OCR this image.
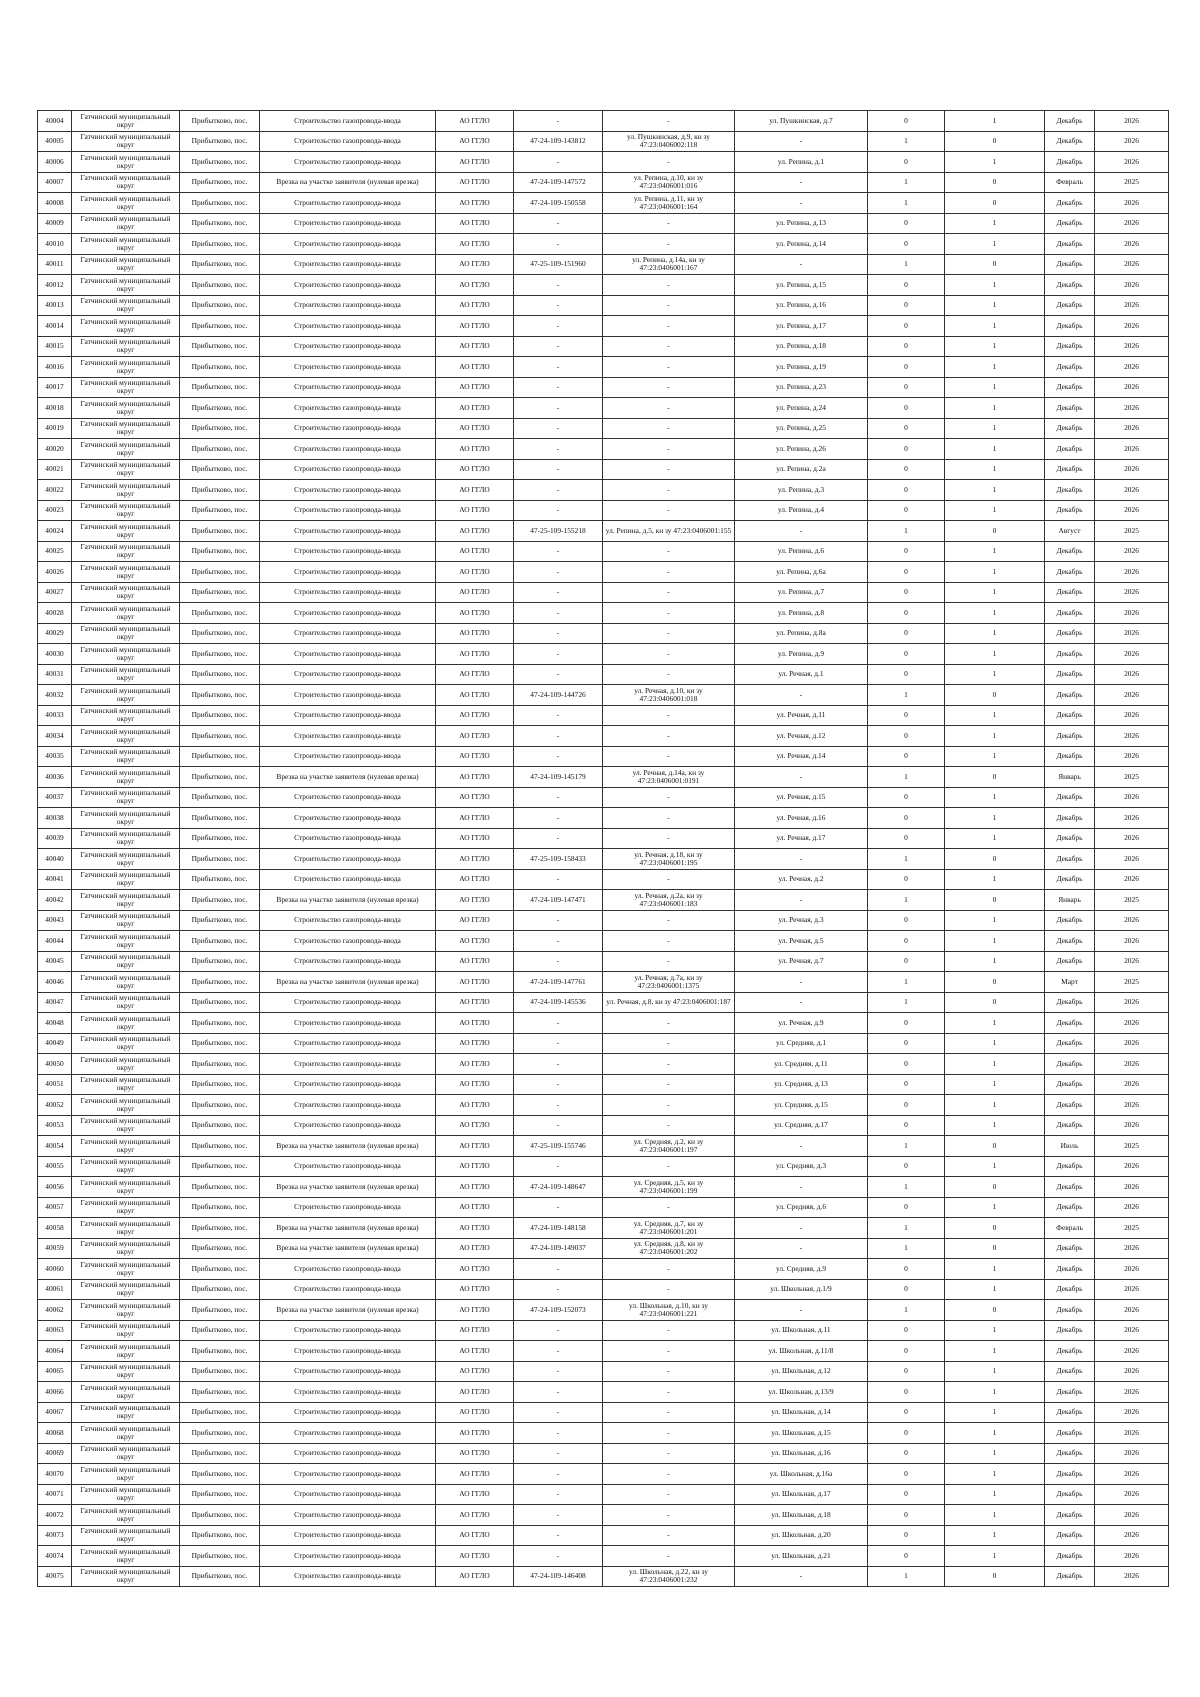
40004	Гатчинский муниципальный округ	Прибытково, пос.	Строительство газопровода-ввода	АО ГГЛО	-	-	ул. Пушкинская, д.7	0	1	Декабрь	2026
40005	Гатчинский муниципальный округ	Прибытково, пос.	Строительство газопровода-ввода	АО ГГЛО	47-24-109-143812	ул. Пушкинская, д.9, кн зу 47:23:0406002:118	-	1	0	Декабрь	2026
40006	Гатчинский муниципальный округ	Прибытково, пос.	Строительство газопровода-ввода	АО ГГЛО	-	-	ул. Репина, д.1	0	1	Декабрь	2026
40007	Гатчинский муниципальный округ	Прибытково, пос.	Врезка на участке заявителя (нулевая врезка)	АО ГГЛО	47-24-109-147572	ул. Репина, д.10, кн зу 47:23:0406001:016	-	1	0	Февраль	2025
40008	Гатчинский муниципальный округ	Прибытково, пос.	Строительство газопровода-ввода	АО ГГЛО	47-24-109-150558	ул. Репина, д.11, кн зу 47:23:0406001:164	-	1	0	Декабрь	2026
40009	Гатчинский муниципальный округ	Прибытково, пос.	Строительство газопровода-ввода	АО ГГЛО	-	-	ул. Репина, д.13	0	1	Декабрь	2026
40010	Гатчинский муниципальный округ	Прибытково, пос.	Строительство газопровода-ввода	АО ГГЛО	-	-	ул. Репина, д.14	0	1	Декабрь	2026
40011	Гатчинский муниципальный округ	Прибытково, пос.	Строительство газопровода-ввода	АО ГГЛО	47-25-109-151960	ул. Репина, д.14а, кн зу 47:23:0406001:167	-	1	0	Декабрь	2026
40012	Гатчинский муниципальный округ	Прибытково, пос.	Строительство газопровода-ввода	АО ГГЛО	-	-	ул. Репина, д.15	0	1	Декабрь	2026
40013	Гатчинский муниципальный округ	Прибытково, пос.	Строительство газопровода-ввода	АО ГГЛО	-	-	ул. Репина, д.16	0	1	Декабрь	2026
40014	Гатчинский муниципальный округ	Прибытково, пос.	Строительство газопровода-ввода	АО ГГЛО	-	-	ул. Репина, д.17	0	1	Декабрь	2026
40015	Гатчинский муниципальный округ	Прибытково, пос.	Строительство газопровода-ввода	АО ГГЛО	-	-	ул. Репина, д.18	0	1	Декабрь	2026
40016	Гатчинский муниципальный округ	Прибытково, пос.	Строительство газопровода-ввода	АО ГГЛО	-	-	ул. Репина, д.19	0	1	Декабрь	2026
40017	Гатчинский муниципальный округ	Прибытково, пос.	Строительство газопровода-ввода	АО ГГЛО	-	-	ул. Репина, д.23	0	1	Декабрь	2026
40018	Гатчинский муниципальный округ	Прибытково, пос.	Строительство газопровода-ввода	АО ГГЛО	-	-	ул. Репина, д.24	0	1	Декабрь	2026
40019	Гатчинский муниципальный округ	Прибытково, пос.	Строительство газопровода-ввода	АО ГГЛО	-	-	ул. Репина, д.25	0	1	Декабрь	2026
40020	Гатчинский муниципальный округ	Прибытково, пос.	Строительство газопровода-ввода	АО ГГЛО	-	-	ул. Репина, д.26	0	1	Декабрь	2026
40021	Гатчинский муниципальный округ	Прибытково, пос.	Строительство газопровода-ввода	АО ГГЛО	-	-	ул. Репина, д.2а	0	1	Декабрь	2026
40022	Гатчинский муниципальный округ	Прибытково, пос.	Строительство газопровода-ввода	АО ГГЛО	-	-	ул. Репина, д.3	0	1	Декабрь	2026
40023	Гатчинский муниципальный округ	Прибытково, пос.	Строительство газопровода-ввода	АО ГГЛО	-	-	ул. Репина, д.4	0	1	Декабрь	2026
40024	Гатчинский муниципальный округ	Прибытково, пос.	Строительство газопровода-ввода	АО ГГЛО	47-25-109-155218	ул. Репина, д.5, кн зу 47:23:0406001:155	-	1	0	Август	2025
40025	Гатчинский муниципальный округ	Прибытково, пос.	Строительство газопровода-ввода	АО ГГЛО	-	-	ул. Репина, д.6	0	1	Декабрь	2026
40026	Гатчинский муниципальный округ	Прибытково, пос.	Строительство газопровода-ввода	АО ГГЛО	-	-	ул. Репина, д.6а	0	1	Декабрь	2026
40027	Гатчинский муниципальный округ	Прибытково, пос.	Строительство газопровода-ввода	АО ГГЛО	-	-	ул. Репина, д.7	0	1	Декабрь	2026
40028	Гатчинский муниципальный округ	Прибытково, пос.	Строительство газопровода-ввода	АО ГГЛО	-	-	ул. Репина, д.8	0	1	Декабрь	2026
40029	Гатчинский муниципальный округ	Прибытково, пос.	Строительство газопровода-ввода	АО ГГЛО	-	-	ул. Репина, д.8а	0	1	Декабрь	2026
40030	Гатчинский муниципальный округ	Прибытково, пос.	Строительство газопровода-ввода	АО ГГЛО	-	-	ул. Репина, д.9	0	1	Декабрь	2026
40031	Гатчинский муниципальный округ	Прибытково, пос.	Строительство газопровода-ввода	АО ГГЛО	-	-	ул. Речная, д.1	0	1	Декабрь	2026
40032	Гатчинский муниципальный округ	Прибытково, пос.	Строительство газопровода-ввода	АО ГГЛО	47-24-109-144726	ул. Речная, д.10, кн зу 47:23:0406001:018	-	1	0	Декабрь	2026
40033	Гатчинский муниципальный округ	Прибытково, пос.	Строительство газопровода-ввода	АО ГГЛО	-	-	ул. Речная, д.11	0	1	Декабрь	2026
40034	Гатчинский муниципальный округ	Прибытково, пос.	Строительство газопровода-ввода	АО ГГЛО	-	-	ул. Речная, д.12	0	1	Декабрь	2026
40035	Гатчинский муниципальный округ	Прибытково, пос.	Строительство газопровода-ввода	АО ГГЛО	-	-	ул. Речная, д.14	0	1	Декабрь	2026
40036	Гатчинский муниципальный округ	Прибытково, пос.	Врезка на участке заявителя (нулевая врезка)	АО ГГЛО	47-24-109-145179	ул. Речная, д.14а, кн зу 47:23:0406001:0191	-	1	0	Январь	2025
40037	Гатчинский муниципальный округ	Прибытково, пос.	Строительство газопровода-ввода	АО ГГЛО	-	-	ул. Речная, д.15	0	1	Декабрь	2026
40038	Гатчинский муниципальный округ	Прибытково, пос.	Строительство газопровода-ввода	АО ГГЛО	-	-	ул. Речная, д.16	0	1	Декабрь	2026
40039	Гатчинский муниципальный округ	Прибытково, пос.	Строительство газопровода-ввода	АО ГГЛО	-	-	ул. Речная, д.17	0	1	Декабрь	2026
40040	Гатчинский муниципальный округ	Прибытково, пос.	Строительство газопровода-ввода	АО ГГЛО	47-25-109-158433	ул. Речная, д.18, кн зу 47:23:0406001:195	-	1	0	Декабрь	2026
40041	Гатчинский муниципальный округ	Прибытково, пос.	Строительство газопровода-ввода	АО ГГЛО	-	-	ул. Речная, д.2	0	1	Декабрь	2026
40042	Гатчинский муниципальный округ	Прибытково, пос.	Врезка на участке заявителя (нулевая врезка)	АО ГГЛО	47-24-109-147471	ул. Речная, д.2а, кн зу 47:23:0406001:183	-	1	0	Январь	2025
40043	Гатчинский муниципальный округ	Прибытково, пос.	Строительство газопровода-ввода	АО ГГЛО	-	-	ул. Речная, д.3	0	1	Декабрь	2026
40044	Гатчинский муниципальный округ	Прибытково, пос.	Строительство газопровода-ввода	АО ГГЛО	-	-	ул. Речная, д.5	0	1	Декабрь	2026
40045	Гатчинский муниципальный округ	Прибытково, пос.	Строительство газопровода-ввода	АО ГГЛО	-	-	ул. Речная, д.7	0	1	Декабрь	2026
40046	Гатчинский муниципальный округ	Прибытково, пос.	Врезка на участке заявителя (нулевая врезка)	АО ГГЛО	47-24-109-147761	ул. Речная, д.7а, кн зу 47:23:0406001:1375	-	1	0	Март	2025
40047	Гатчинский муниципальный округ	Прибытково, пос.	Строительство газопровода-ввода	АО ГГЛО	47-24-109-145536	ул. Речная, д.8, кн зу 47:23:0406001:187	-	1	0	Декабрь	2026
40048	Гатчинский муниципальный округ	Прибытково, пос.	Строительство газопровода-ввода	АО ГГЛО	-	-	ул. Речная, д.9	0	1	Декабрь	2026
40049	Гатчинский муниципальный округ	Прибытково, пос.	Строительство газопровода-ввода	АО ГГЛО	-	-	ул. Средняя, д.1	0	1	Декабрь	2026
40050	Гатчинский муниципальный округ	Прибытково, пос.	Строительство газопровода-ввода	АО ГГЛО	-	-	ул. Средняя, д.11	0	1	Декабрь	2026
40051	Гатчинский муниципальный округ	Прибытково, пос.	Строительство газопровода-ввода	АО ГГЛО	-	-	ул. Средняя, д.13	0	1	Декабрь	2026
40052	Гатчинский муниципальный округ	Прибытково, пос.	Строительство газопровода-ввода	АО ГГЛО	-	-	ул. Средняя, д.15	0	1	Декабрь	2026
40053	Гатчинский муниципальный округ	Прибытково, пос.	Строительство газопровода-ввода	АО ГГЛО	-	-	ул. Средняя, д.17	0	1	Декабрь	2026
40054	Гатчинский муниципальный округ	Прибытково, пос.	Врезка на участке заявителя (нулевая врезка)	АО ГГЛО	47-25-109-155746	ул. Средняя, д.2, кн зу 47:23:0406001:197	-	1	0	Июль	2025
40055	Гатчинский муниципальный округ	Прибытково, пос.	Строительство газопровода-ввода	АО ГГЛО	-	-	ул. Средняя, д.3	0	1	Декабрь	2026
40056	Гатчинский муниципальный округ	Прибытково, пос.	Врезка на участке заявителя (нулевая врезка)	АО ГГЛО	47-24-109-148647	ул. Средняя, д.5, кн зу 47:23:0406001:199	-	1	0	Декабрь	2026
40057	Гатчинский муниципальный округ	Прибытково, пос.	Строительство газопровода-ввода	АО ГГЛО	-	-	ул. Средняя, д.6	0	1	Декабрь	2026
40058	Гатчинский муниципальный округ	Прибытково, пос.	Врезка на участке заявителя (нулевая врезка)	АО ГГЛО	47-24-109-148158	ул. Средняя, д.7, кн зу 47:23:0406001:201	-	1	0	Февраль	2025
40059	Гатчинский муниципальный округ	Прибытково, пос.	Врезка на участке заявителя (нулевая врезка)	АО ГГЛО	47-24-109-149037	ул. Средняя, д.8, кн зу 47:23:0406001:202	-	1	0	Декабрь	2026
40060	Гатчинский муниципальный округ	Прибытково, пос.	Строительство газопровода-ввода	АО ГГЛО	-	-	ул. Средняя, д.9	0	1	Декабрь	2026
40061	Гатчинский муниципальный округ	Прибытково, пос.	Строительство газопровода-ввода	АО ГГЛО	-	-	ул. Школьная, д.1/9	0	1	Декабрь	2026
40062	Гатчинский муниципальный округ	Прибытково, пос.	Врезка на участке заявителя (нулевая врезка)	АО ГГЛО	47-24-109-152073	ул. Школьная, д.10, кн зу 47:23:0406001:221	-	1	0	Декабрь	2026
40063	Гатчинский муниципальный округ	Прибытково, пос.	Строительство газопровода-ввода	АО ГГЛО	-	-	ул. Школьная, д.11	0	1	Декабрь	2026
40064	Гатчинский муниципальный округ	Прибытково, пос.	Строительство газопровода-ввода	АО ГГЛО	-	-	ул. Школьная, д.11/8	0	1	Декабрь	2026
40065	Гатчинский муниципальный округ	Прибытково, пос.	Строительство газопровода-ввода	АО ГГЛО	-	-	ул. Школьная, д.12	0	1	Декабрь	2026
40066	Гатчинский муниципальный округ	Прибытково, пос.	Строительство газопровода-ввода	АО ГГЛО	-	-	ул. Школьная, д.13/9	0	1	Декабрь	2026
40067	Гатчинский муниципальный округ	Прибытково, пос.	Строительство газопровода-ввода	АО ГГЛО	-	-	ул. Школьная, д.14	0	1	Декабрь	2026
40068	Гатчинский муниципальный округ	Прибытково, пос.	Строительство газопровода-ввода	АО ГГЛО	-	-	ул. Школьная, д.15	0	1	Декабрь	2026
40069	Гатчинский муниципальный округ	Прибытково, пос.	Строительство газопровода-ввода	АО ГГЛО	-	-	ул. Школьная, д.16	0	1	Декабрь	2026
40070	Гатчинский муниципальный округ	Прибытково, пос.	Строительство газопровода-ввода	АО ГГЛО	-	-	ул. Школьная, д.16а	0	1	Декабрь	2026
40071	Гатчинский муниципальный округ	Прибытково, пос.	Строительство газопровода-ввода	АО ГГЛО	-	-	ул. Школьная, д.17	0	1	Декабрь	2026
40072	Гатчинский муниципальный округ	Прибытково, пос.	Строительство газопровода-ввода	АО ГГЛО	-	-	ул. Школьная, д.18	0	1	Декабрь	2026
40073	Гатчинский муниципальный округ	Прибытково, пос.	Строительство газопровода-ввода	АО ГГЛО	-	-	ул. Школьная, д.20	0	1	Декабрь	2026
40074	Гатчинский муниципальный округ	Прибытково, пос.	Строительство газопровода-ввода	АО ГГЛО	-	-	ул. Школьная, д.21	0	1	Декабрь	2026
40075	Гатчинский муниципальный округ	Прибытково, пос.	Строительство газопровода-ввода	АО ГГЛО	47-24-109-146408	ул. Школьная, д.22, кн зу 47:23:0406001:232	-	1	0	Декабрь	2026
